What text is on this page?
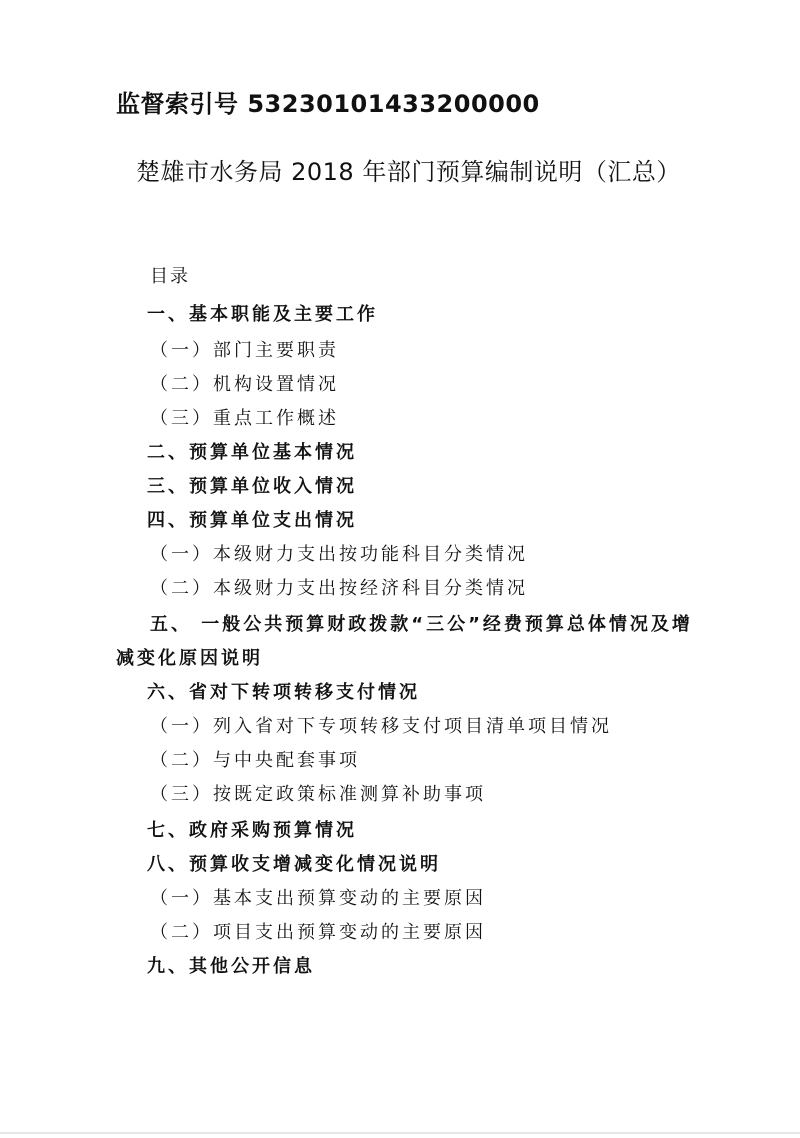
监督索引号 53230101433200000
楚雄市水务局 2018 年部门预算编制说明（汇总）
目录
一、基本职能及主要工作
（一）部门主要职责
（二）机构设置情况
（三）重点工作概述
二、预算单位基本情况
三、预算单位收入情况
四、预算单位支出情况
（一）本级财力支出按功能科目分类情况
（二）本级财力支出按经济科目分类情况
五、 一般公共预算财政拨款“三公”经费预算总体情况及增
减变化原因说明
六、省对下转项转移支付情况
（一）列入省对下专项转移支付项目清单项目情况
（二）与中央配套事项
（三）按既定政策标准测算补助事项
七、政府采购预算情况
八、预算收支增减变化情况说明
（一）基本支出预算变动的主要原因
（二）项目支出预算变动的主要原因
九、其他公开信息
